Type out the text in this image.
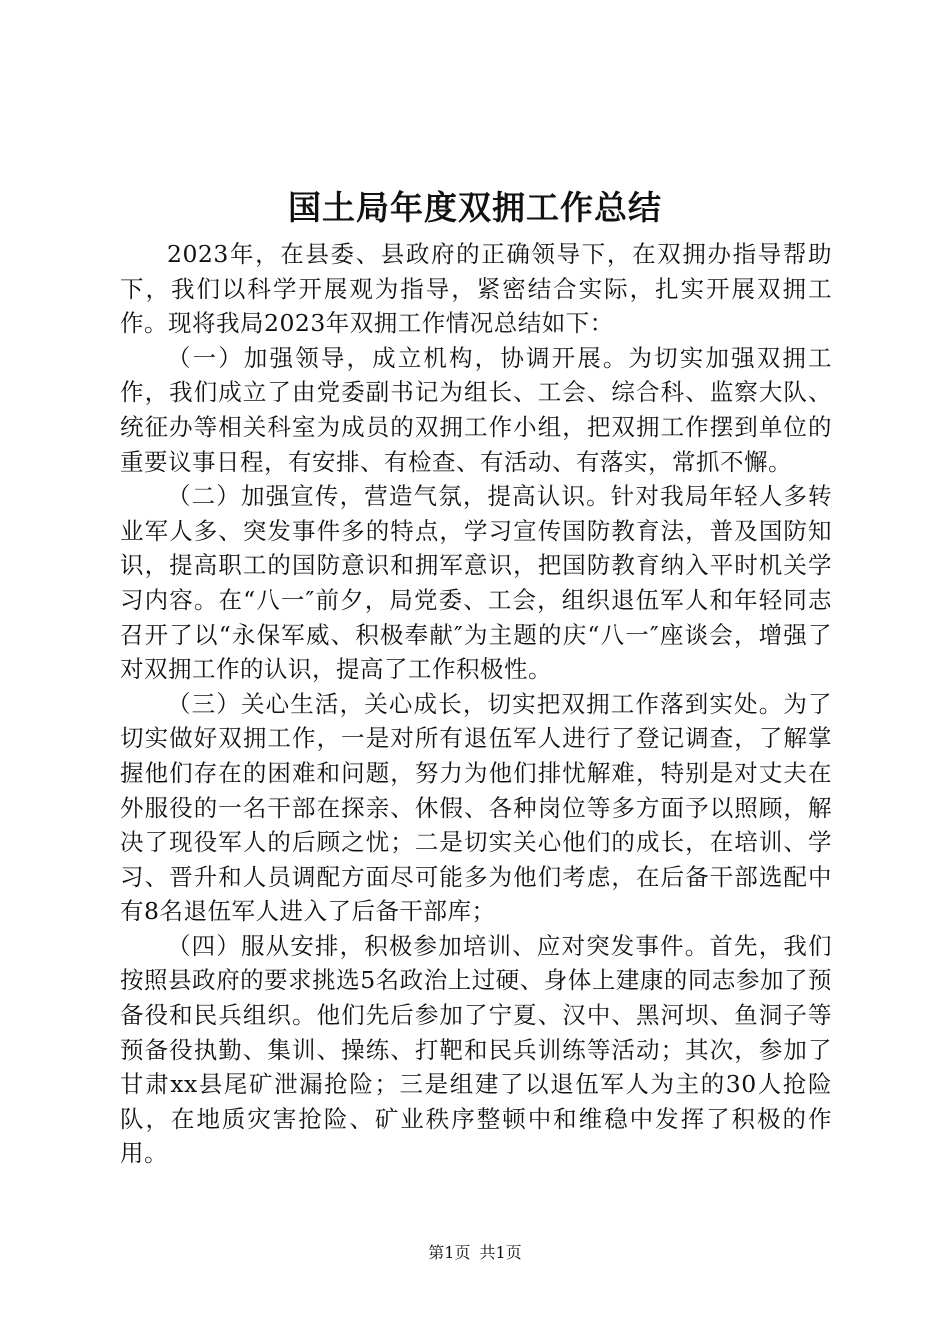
国土局年度双拥工作总结

2023年，在县委、县政府的正确领导下，在双拥办指导帮助下，我们以科学开展观为指导，紧密结合实际，扎实开展双拥工作。现将我局2023年双拥工作情况总结如下：

（一）加强领导，成立机构，协调开展。为切实加强双拥工作，我们成立了由党委副书记为组长、工会、综合科、监察大队、统征办等相关科室为成员的双拥工作小组，把双拥工作摆到单位的重要议事日程，有安排、有检查、有活动、有落实，常抓不懈。

（二）加强宣传，营造气氛，提高认识。针对我局年轻人多转业军人多、突发事件多的特点，学习宣传国防教育法，普及国防知识，提高职工的国防意识和拥军意识，把国防教育纳入平时机关学习内容。在“八一″前夕，局党委、工会，组织退伍军人和年轻同志召开了以“永保军威、积极奉献″为主题的庆“八一″座谈会，增强了对双拥工作的认识，提高了工作积极性。

（三）关心生活，关心成长，切实把双拥工作落到实处。为了切实做好双拥工作，一是对所有退伍军人进行了登记调查，了解掌握他们存在的困难和问题，努力为他们排忧解难，特别是对丈夫在外服役的一名干部在探亲、休假、各种岗位等多方面予以照顾，解决了现役军人的后顾之忧；二是切实关心他们的成长，在培训、学习、晋升和人员调配方面尽可能多为他们考虑，在后备干部选配中有8名退伍军人进入了后备干部库；

（四）服从安排，积极参加培训、应对突发事件。首先，我们按照县政府的要求挑选5名政治上过硬、身体上建康的同志参加了预备役和民兵组织。他们先后参加了宁夏、汉中、黑河坝、鱼洞子等预备役执勤、集训、操练、打靶和民兵训练等活动；其次，参加了甘肃xx县尾矿泄漏抢险；三是组建了以退伍军人为主的30人抢险队，在地质灾害抢险、矿业秩序整顿中和维稳中发挥了积极的作用。

第1页 共1页
